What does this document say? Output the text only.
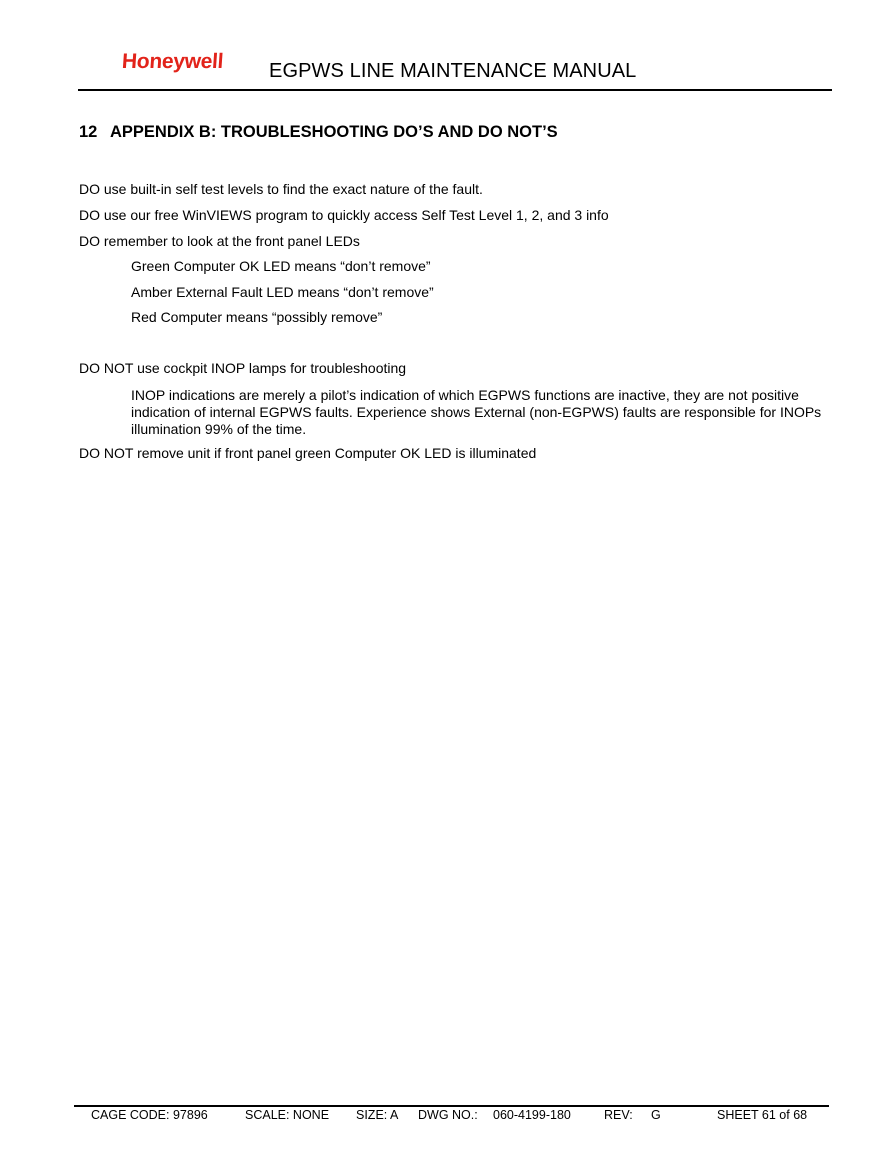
Honeywell EGPWS LINE MAINTENANCE MANUAL
12 APPENDIX B: TROUBLESHOOTING DO’S AND DO NOT’S
DO use built-in self test levels to find the exact nature of the fault.
DO use our free WinVIEWS program to quickly access Self Test Level 1, 2, and 3 info
DO remember to look at the front panel LEDs
Green Computer OK LED means “don’t remove”
Amber External Fault LED means “don’t remove”
Red Computer means “possibly remove”
DO NOT use cockpit INOP lamps for troubleshooting
INOP indications are merely a pilot’s indication of which EGPWS functions are inactive, they are not positive indication of internal EGPWS faults. Experience shows External (non-EGPWS) faults are responsible for INOPs illumination 99% of the time.
DO NOT remove unit if front panel green Computer OK LED is illuminated
CAGE CODE: 97896	SCALE: NONE SIZE: A DWG NO.: 060-4199-180	REV: G	SHEET 61 of 68
